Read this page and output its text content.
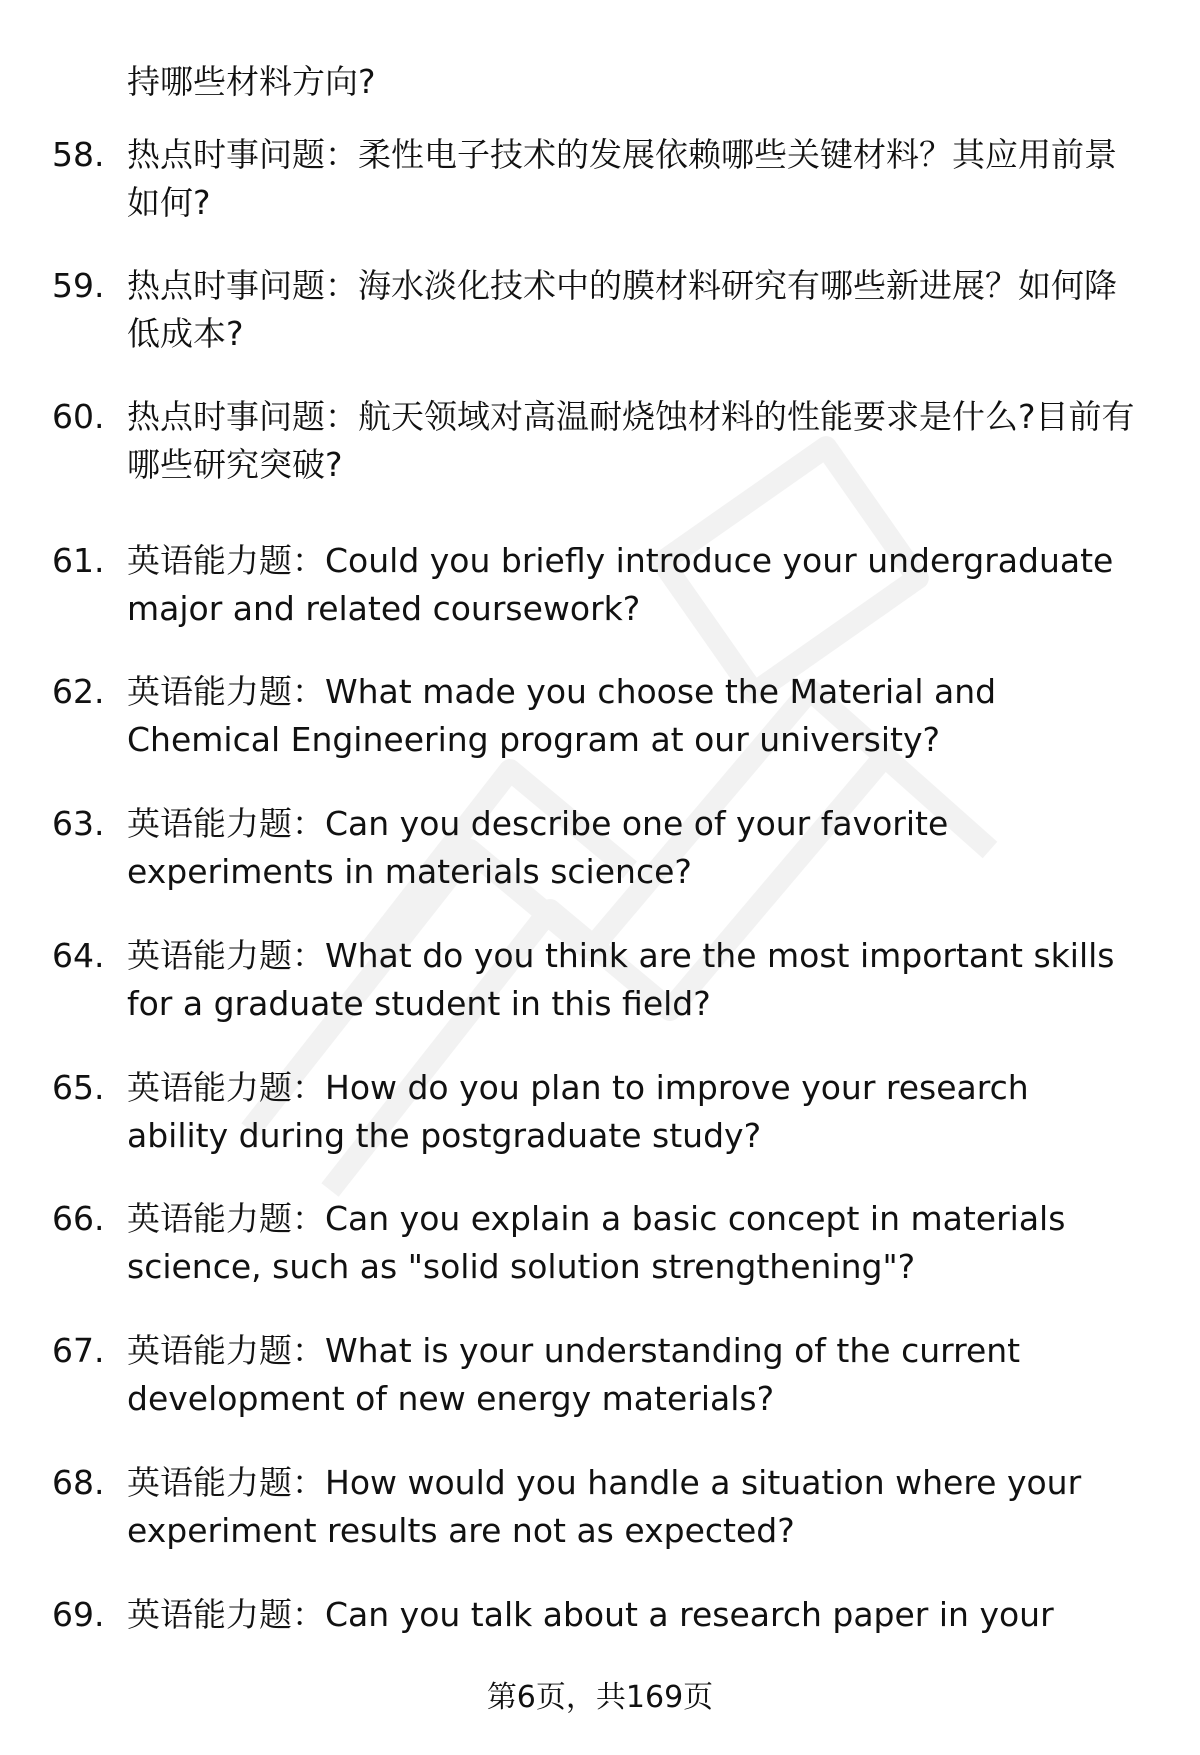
持哪些材料方向?
58. 热点时事问题：柔性电子技术的发展依赖哪些关键材料？其应用前景如何?
59. 热点时事问题：海水淡化技术中的膜材料研究有哪些新进展？如何降低成本?
60. 热点时事问题：航天领域对高温耐烧蚀材料的性能要求是什么?目前有哪些研究突破?
61. 英语能力题：Could you briefly introduce your undergraduate major and related coursework?
62. 英语能力题：What made you choose the Material and Chemical Engineering program at our university?
63. 英语能力题：Can you describe one of your favorite experiments in materials science?
64. 英语能力题：What do you think are the most important skills for a graduate student in this field?
65. 英语能力题：How do you plan to improve your research ability during the postgraduate study?
66. 英语能力题：Can you explain a basic concept in materials science, such as "solid solution strengthening"?
67. 英语能力题：What is your understanding of the current development of new energy materials?
68. 英语能力题：How would you handle a situation where your experiment results are not as expected?
69. 英语能力题：Can you talk about a research paper in your
第6页，共169页
